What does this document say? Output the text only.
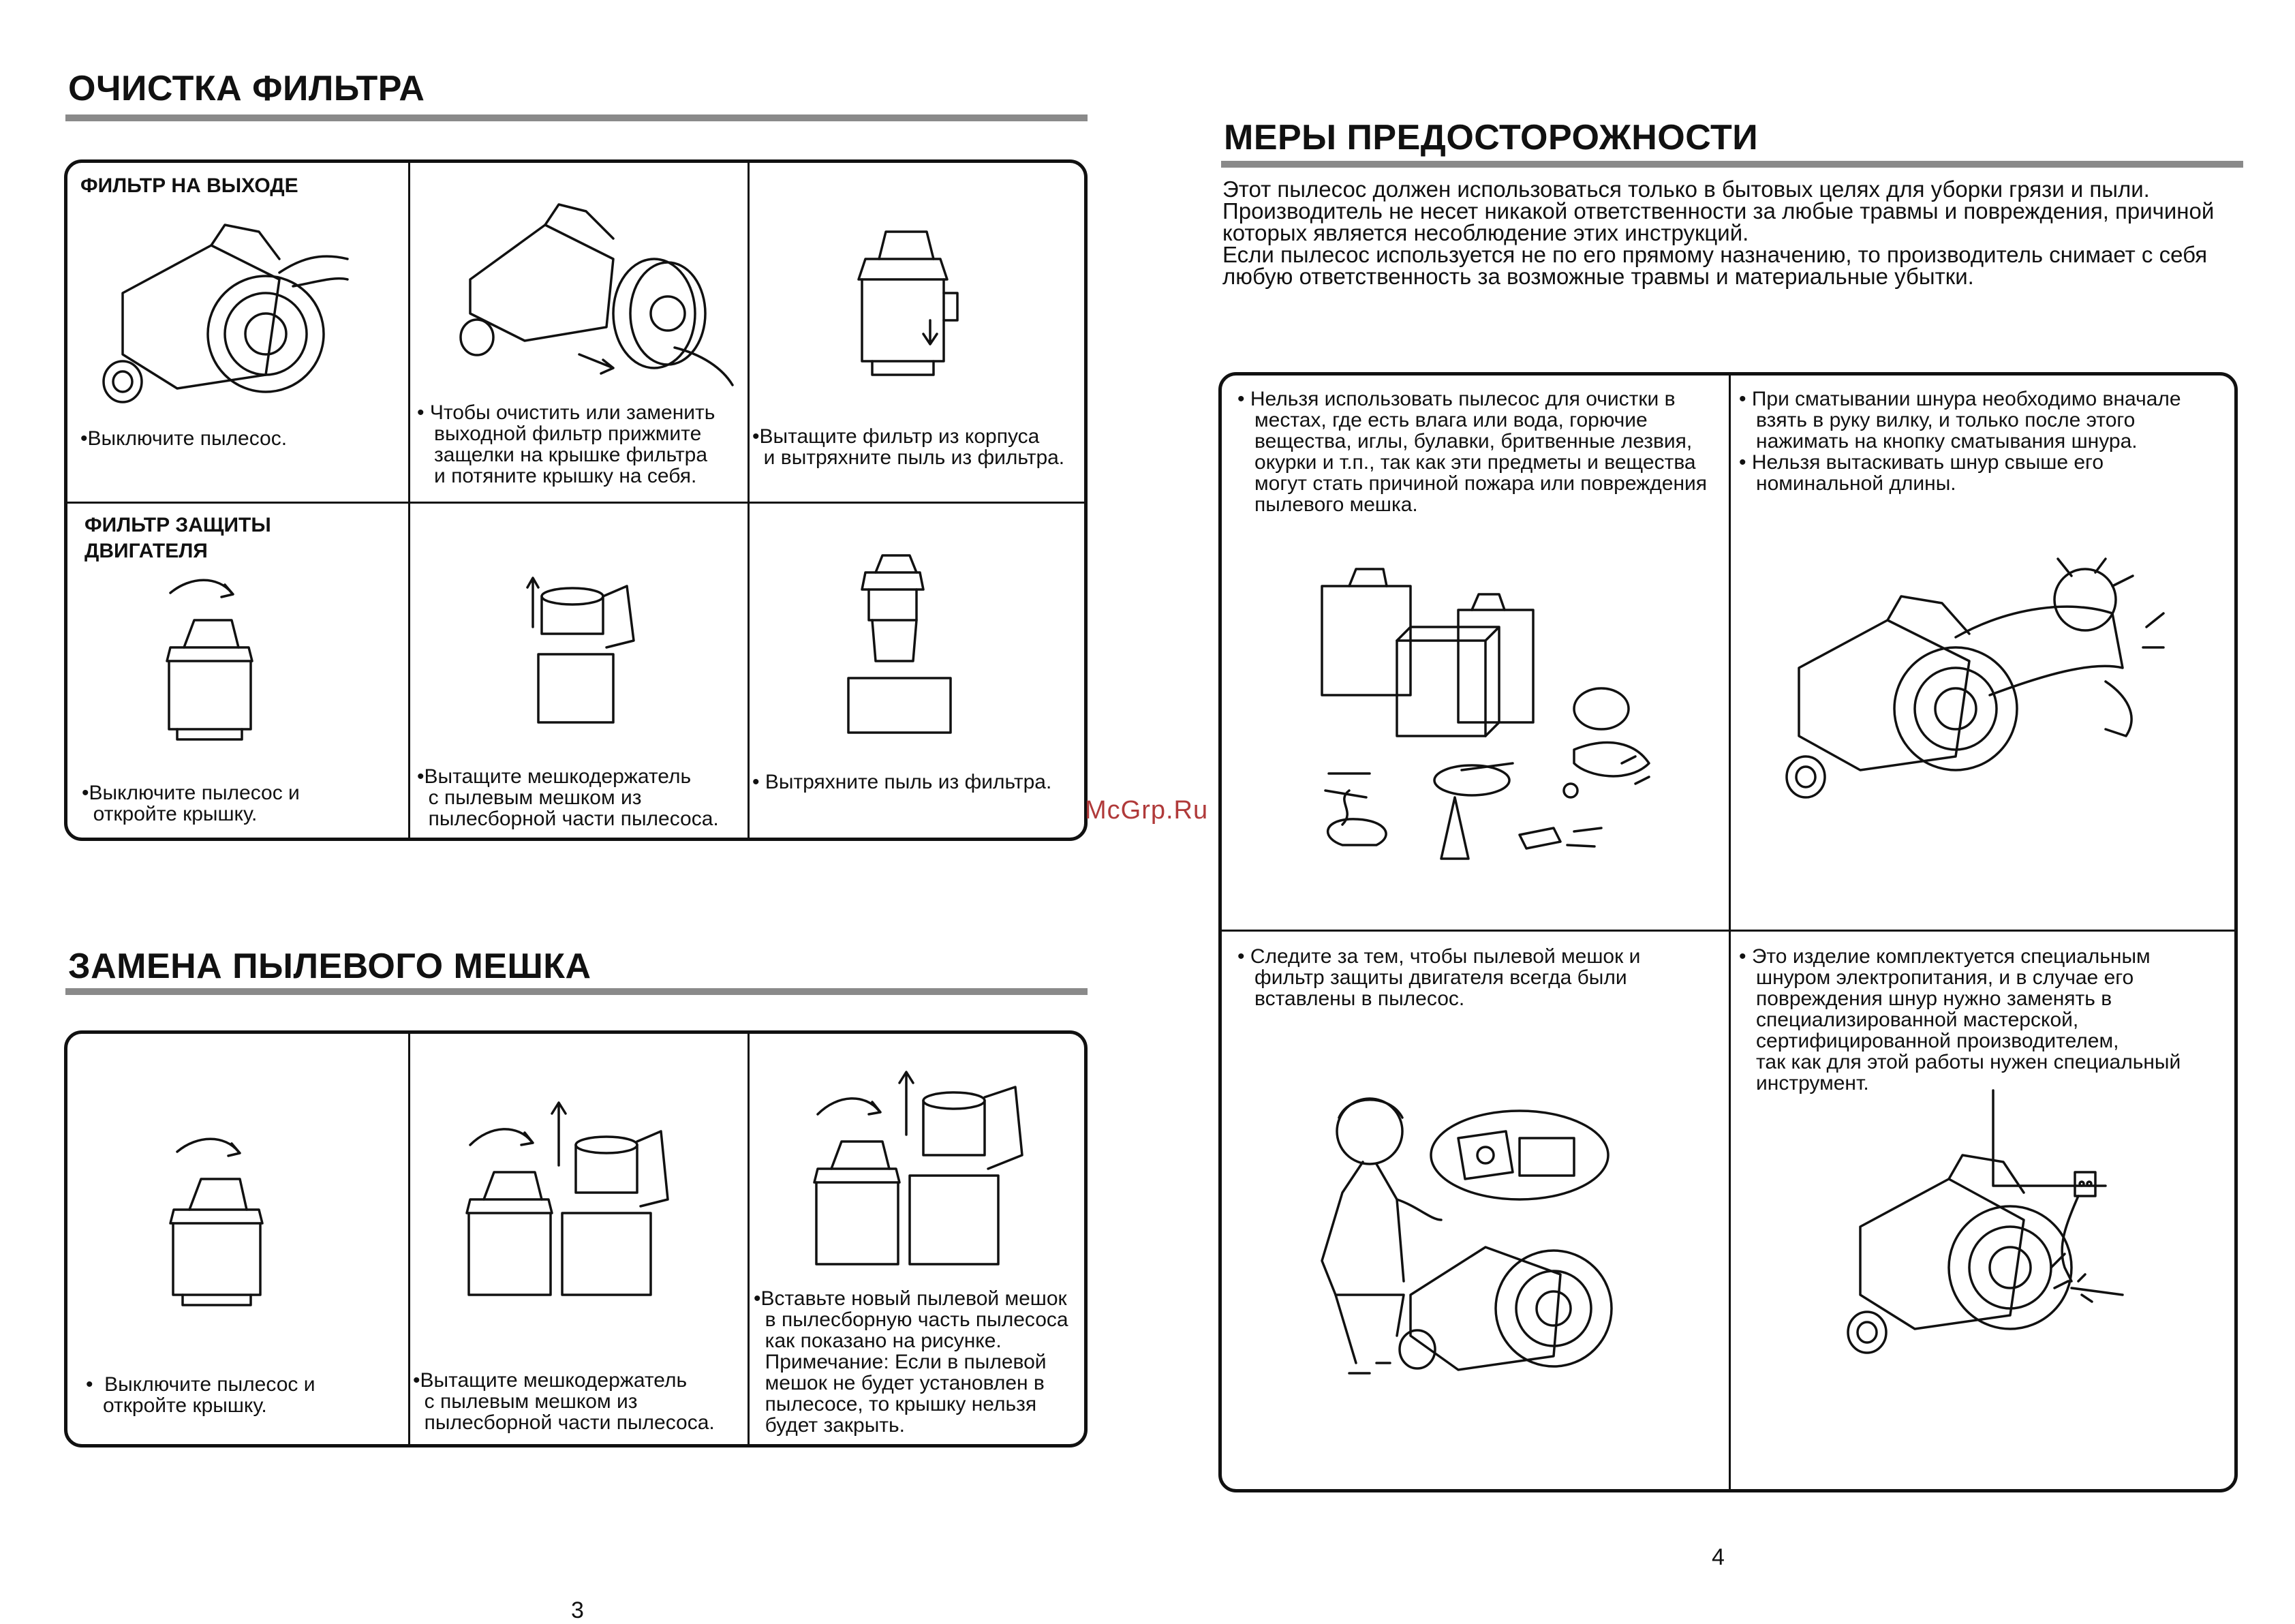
ОЧИСТКА ФИЛЬТРА
ФИЛЬТР НА ВЫХОДЕ
ФИЛЬТР ЗАЩИТЫ
ДВИГАТЕЛЯ
•Выключите пылесос.
• Чтобы очистить или заменить
выходной фильтр прижмите
защелки на крышке фильтра
и потяните крышку на себя.
•Вытащите фильтр из корпуса
и вытряхните пыль из фильтра.
•Выключите пылесос и
откройте крышку.
•Вытащите мешкодержатель
с пылевым мешком из
пылесборной части пылесоса.
• Вытряхните пыль из фильтра.
ЗАМЕНА ПЫЛЕВОГО МЕШКА
•  Выключите пылесос и
откройте крышку.
•Вытащите мешкодержатель
с пылевым мешком из
пылесборной части пылесоса.
•Вставьте новый пылевой мешок
в пылесборную часть пылесоса
как показано на рисунке.
Примечание: Если в пылевой
мешок не будет установлен в
пылесосе, то крышку нельзя
будет закрыть.
3
McGrp.Ru
МЕРЫ ПРЕДОСТОРОЖНОСТИ
Этот пылесос должен использоваться только в бытовых целях для уборки грязи и пыли.
Производитель не несет никакой ответственности за любые травмы и повреждения, причиной
которых является несоблюдение этих инструкций.
Если пылесос используется не по его прямому назначению, то производитель снимает с себя
любую ответственность за возможные травмы и материальные убытки.
• Нельзя использовать пылесос для очистки в
местах, где есть влага или вода, горючие
вещества, иглы, булавки, бритвенные лезвия,
окурки и т.п., так как эти предметы и вещества
могут стать причиной пожара или повреждения
пылевого мешка.
• При сматывании шнура необходимо вначале
взять в руку вилку, и только после этого
нажимать на кнопку сматывания шнура.
• Нельзя вытаскивать шнур свыше его
номинальной длины.
• Следите за тем, чтобы пылевой мешок и
фильтр защиты двигателя всегда были
вставлены в пылесос.
• Это изделие комплектуется специальным
шнуром электропитания, и в случае его
повреждения шнур нужно заменять в
специализированной мастерской,
сертифицированной производителем,
так как для этой работы нужен специальный
инструмент.
4
